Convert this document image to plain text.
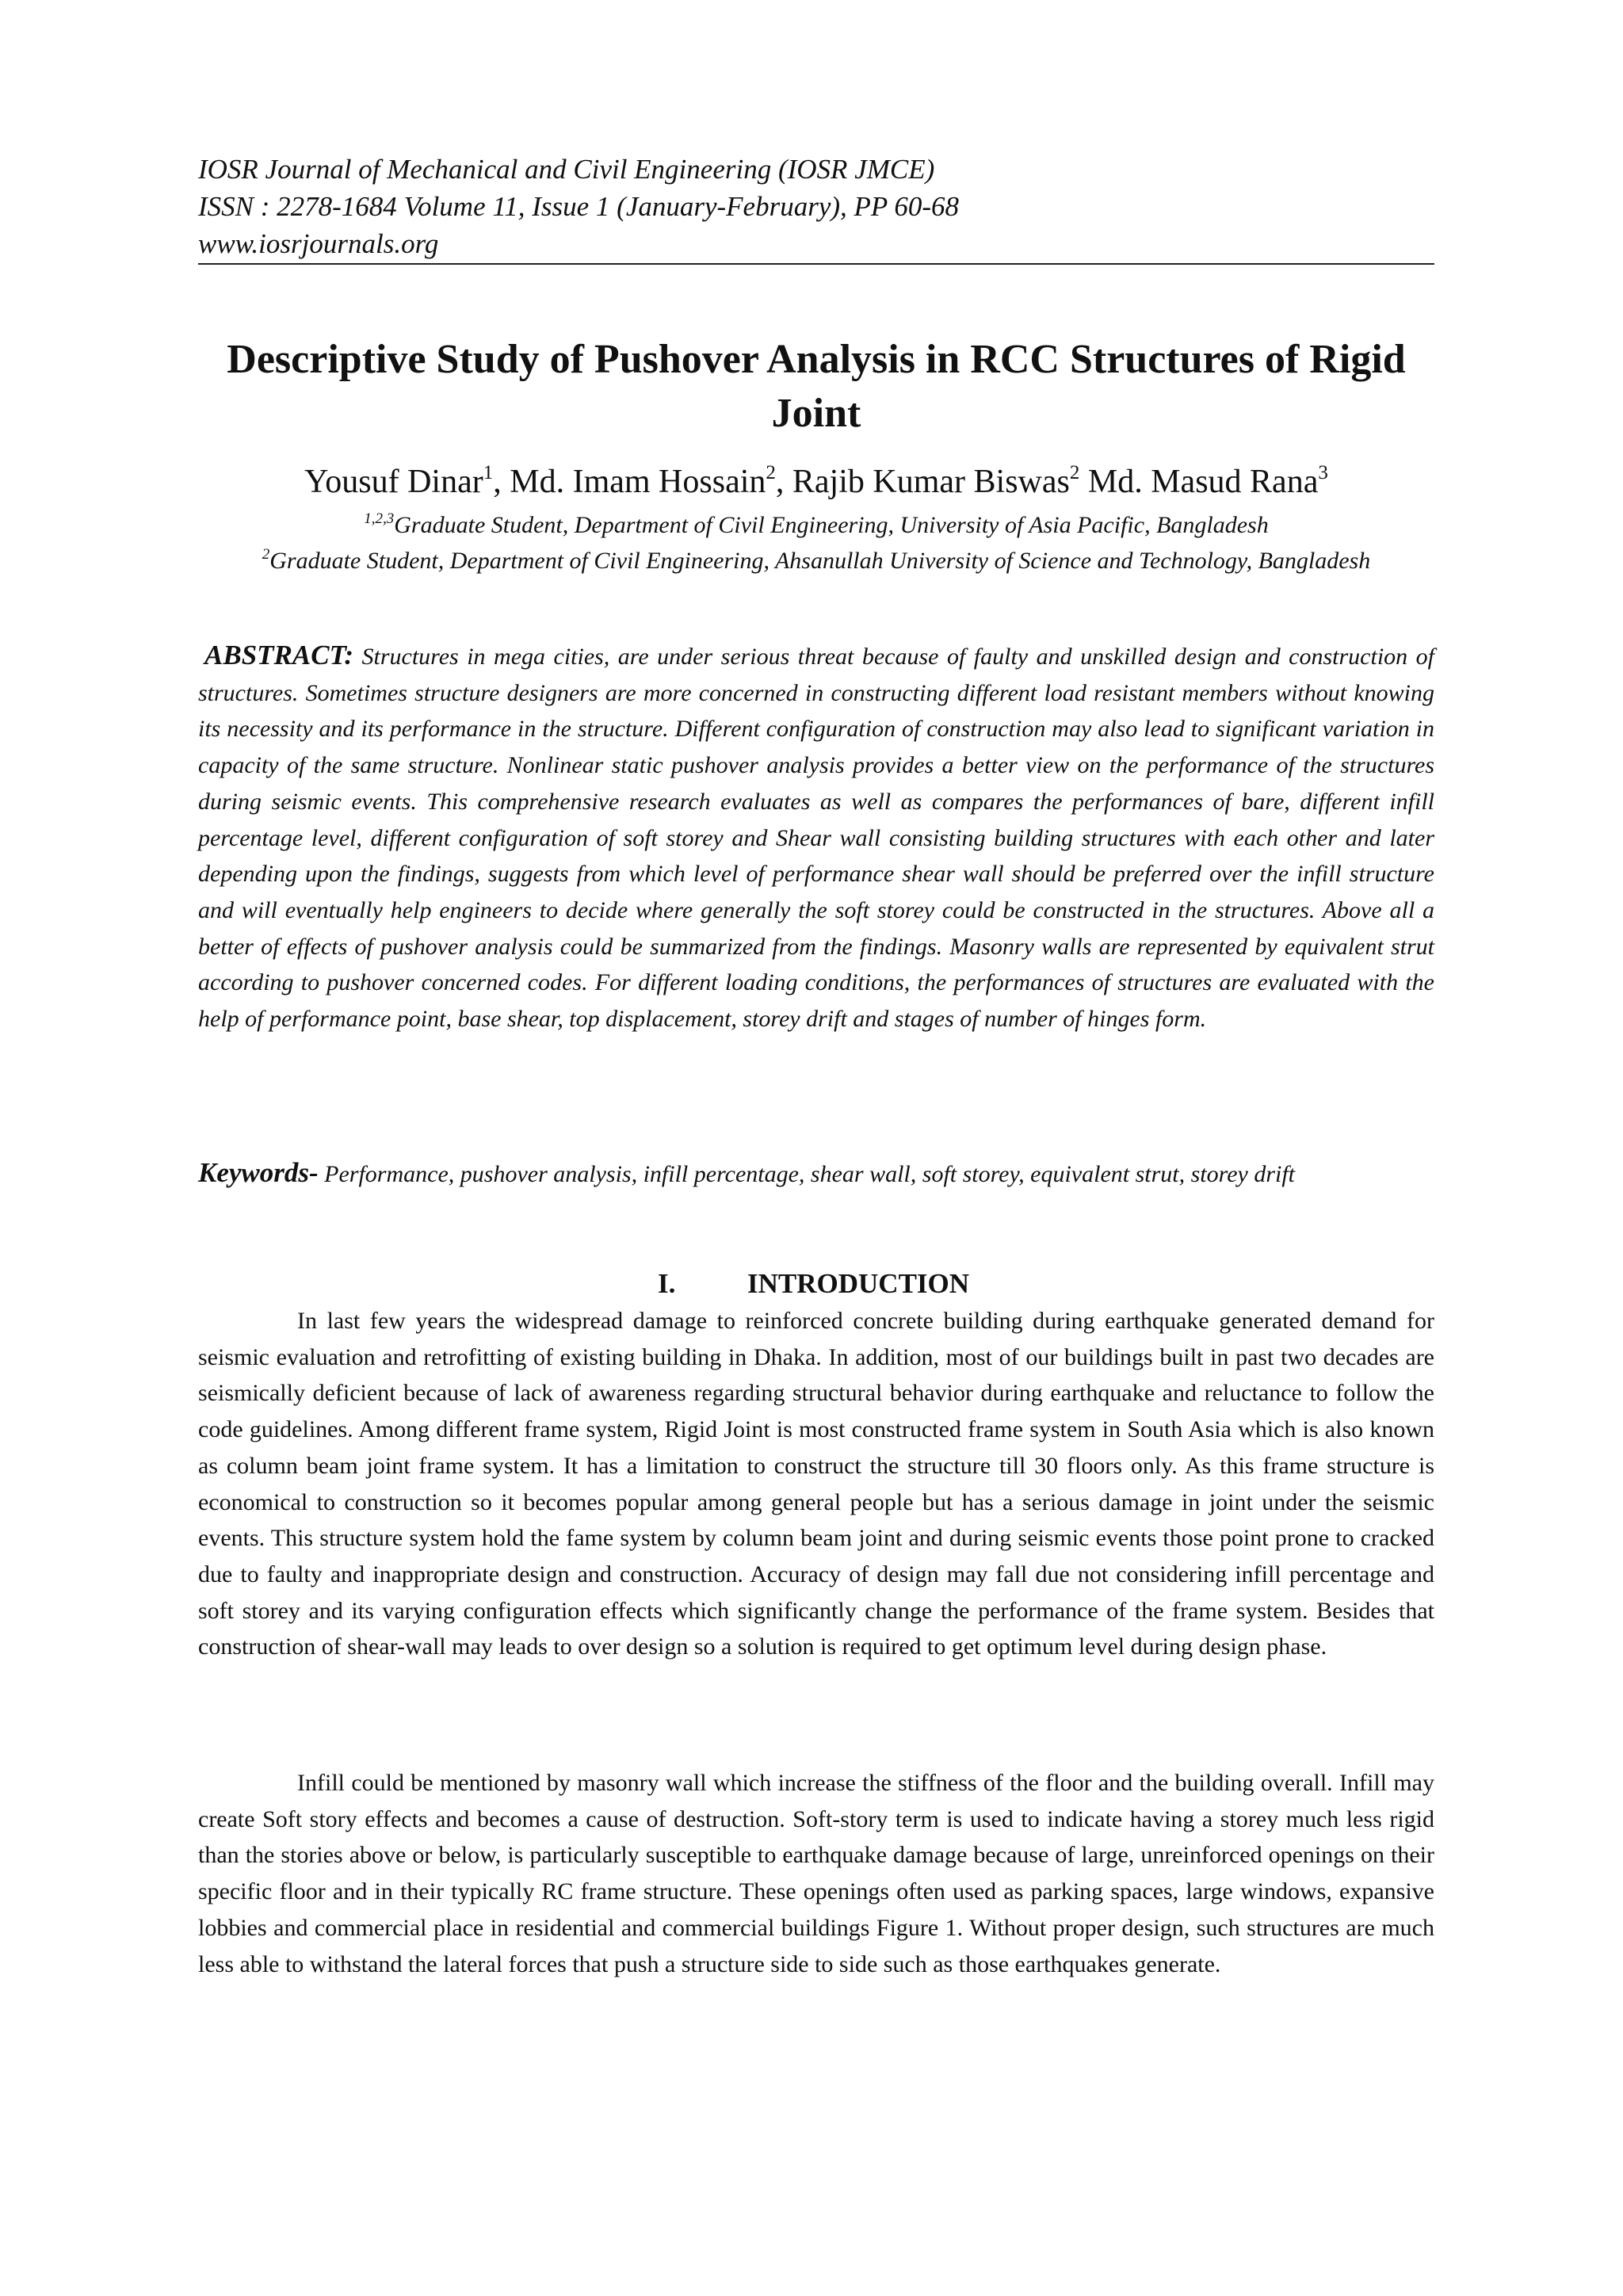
IOSR Journal of Mechanical and Civil Engineering (IOSR JMCE)
ISSN : 2278-1684 Volume 11, Issue 1 (January-February), PP 60-68
www.iosrjournals.org
Descriptive Study of Pushover Analysis in RCC Structures of Rigid Joint
Yousuf Dinar$^1$, Md. Imam Hossain$^2$, Rajib Kumar Biswas$^2$ Md. Masud Rana$^3$
$^{1,2,3}$Graduate Student, Department of Civil Engineering, University of Asia Pacific, Bangladesh
$^2$Graduate Student, Department of Civil Engineering, Ahsanullah University of Science and Technology, Bangladesh
ABSTRACT: Structures in mega cities, are under serious threat because of faulty and unskilled design and construction of structures. Sometimes structure designers are more concerned in constructing different load resistant members without knowing its necessity and its performance in the structure. Different configuration of construction may also lead to significant variation in capacity of the same structure. Nonlinear static pushover analysis provides a better view on the performance of the structures during seismic events. This comprehensive research evaluates as well as compares the performances of bare, different infill percentage level, different configuration of soft storey and Shear wall consisting building structures with each other and later depending upon the findings, suggests from which level of performance shear wall should be preferred over the infill structure and will eventually help engineers to decide where generally the soft storey could be constructed in the structures. Above all a better of effects of pushover analysis could be summarized from the findings. Masonry walls are represented by equivalent strut according to pushover concerned codes. For different loading conditions, the performances of structures are evaluated with the help of performance point, base shear, top displacement, storey drift and stages of number of hinges form.
Keywords- Performance, pushover analysis, infill percentage, shear wall, soft storey, equivalent strut, storey drift
I.	INTRODUCTION
In last few years the widespread damage to reinforced concrete building during earthquake generated demand for seismic evaluation and retrofitting of existing building in Dhaka. In addition, most of our buildings built in past two decades are seismically deficient because of lack of awareness regarding structural behavior during earthquake and reluctance to follow the code guidelines. Among different frame system, Rigid Joint is most constructed frame system in South Asia which is also known as column beam joint frame system. It has a limitation to construct the structure till 30 floors only. As this frame structure is economical to construction so it becomes popular among general people but has a serious damage in joint under the seismic events. This structure system hold the fame system by column beam joint and during seismic events those point prone to cracked due to faulty and inappropriate design and construction. Accuracy of design may fall due not considering infill percentage and soft storey and its varying configuration effects which significantly change the performance of the frame system. Besides that construction of shear-wall may leads to over design so a solution is required to get optimum level during design phase.
Infill could be mentioned by masonry wall which increase the stiffness of the floor and the building overall. Infill may create Soft story effects and becomes a cause of destruction. Soft-story term is used to indicate having a storey much less rigid than the stories above or below, is particularly susceptible to earthquake damage because of large, unreinforced openings on their specific floor and in their typically RC frame structure. These openings often used as parking spaces, large windows, expansive lobbies and commercial place in residential and commercial buildings Figure 1. Without proper design, such structures are much less able to withstand the lateral forces that push a structure side to side such as those earthquakes generate.
